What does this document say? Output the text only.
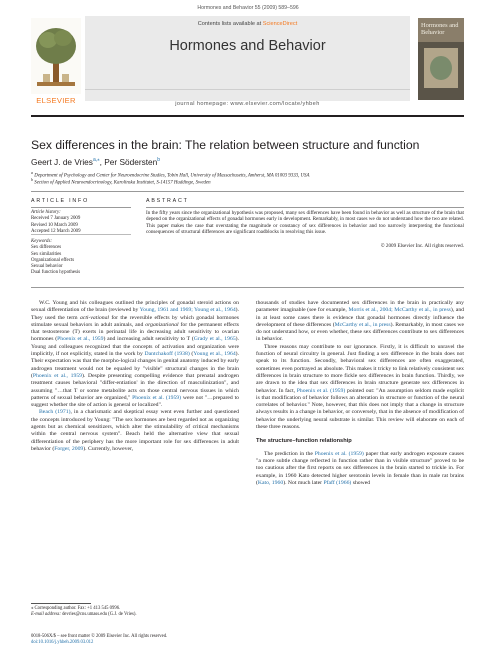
Hormones and Behavior 55 (2009) 589–596
ELSEVIER
Contents lists available at ScienceDirect
Hormones and Behavior
journal homepage: www.elsevier.com/locate/yhbeh
Hormones and Behavior
Sex differences in the brain: The relation between structure and function
Geert J. de Vries$^{a,⁎}$, Per Södersten$^b$
$^a$ Department of Psychology and Center for Neuroendocrine Studies, Tobin Hall, University of Massachusetts, Amherst, MA 01003 9333, USA
$^b$ Section of Applied Neuroendocrinology, Karolinska Institutet, S-14157 Huddinge, Sweden
ARTICLE INFO
Article history:
Received 7 January 2009
Revised 10 March 2009
Accepted 12 March 2009
Keywords:
Sex differences
Sex similarities
Organizational effects
Sexual behavior
Dual function hypothesis
ABSTRACT
In the fifty years since the organizational hypothesis was proposed, many sex differences have been found in behavior as well as structure of the brain that depend on the organizational effects of gonadal hormones early in development. Remarkably, in most cases we do not understand how the two are related. This paper makes the case that overstating the magnitude or constancy of sex differences in behavior and too narrowly interpreting the functional consequences of structural differences are significant roadblocks in resolving this issue.
© 2009 Elsevier Inc. All rights reserved.

W.C. Young and his colleagues outlined the principles of gonadal steroid actions on sexual differentiation of the brain (reviewed by Young, 1961 and 1969; Young et al., 1964). They used the term acti-vational for the reversible effects by which gonadal hormones stimulate sexual behaviors in adult animals, and organizational for the permanent effects that testosterone (T) exerts in perinatal life in decreasing adult sensitivity to ovarian hormones (Phoenix et al., 1959) and increasing adult sensitivity to T (Grady et al., 1965). Young and colleagues recognized that the concepts of activation and organization were implicitly, if not explicitly, stated in the work by Dantchakoff (1938) (Young et al., 1964). Their expectation was that the morpho-logical changes in genital anatomy induced by early androgen treatment would not be equaled by "visible" structural changes in the brain (Phoenix et al., 1959). Despite presenting compelling evidence that prenatal androgen treatment causes behavioral "differ-entiation' in the direction of masculinization", and assuming "…that T or some metabolite acts on those central nervous tissues in which patterns of sexual behavior are organized," Phoenix et al. (1959) were not "…prepared to suggest whether the site of action is general or localized".

Beach (1971), in a charismatic and skeptical essay went even further and questioned the concepts introduced by Young: "The sex hormones are best regarded not as organizing agents but as chemical sensitizers, which alter the stimulability of critical mechanisms within the central nervous system". Beach held the alternative view that sexual differentiation of the periphery has the more important role for sex differences in adult behavior (Forger, 2009). Currently, however,

thousands of studies have documented sex differences in the brain in practically any parameter imaginable (see for example, Morris et al., 2004; McCarthy et al., in press), and in at least some cases there is evidence that gonadal hormones directly influence the development of these differences (McCarthy et al., in press). Remarkably, in most cases we do not understand how, or even whether, these sex differences contribute to sex differences in behavior.

Three reasons may contribute to our ignorance. Firstly, it is difficult to unravel the function of neural circuitry in general. Just finding a sex difference in the brain does not speak to its function. Secondly, behavioral sex differences are often exaggerated, sometimes even portrayed as absolute. This makes it tricky to link relatively consistent sex differences in brain structure to more fickle sex differences in brain function. Thirdly, we are drawn to the idea that sex differences in brain structure generate sex differences in behavior. In fact, Phoenix et al. (1959) pointed out: "An assumption seldom made explicit is that modification of behavior follows an alteration in structure or function of the neural correlates of behavior." Note, however, that this does not imply that a change in structure always results in a change in behavior, or conversely, that in the absence of modification of behavior the underlying neural substrate is similar. This review will elaborate on each of these three reasons.

The structure–function relationship

The prediction in the Phoenix et al. (1959) paper that early androgen exposure causes "a more subtle change reflected in function rather than in visible structure" proved to be too cautious after the first reports on sex differences in the brain started to trickle in. For example, in 1960 Kato detected higher serotonin levels in female than in male rat brains (Kato, 1960). Not much later Pfaff (1966) showed

⁎ Corresponding author. Fax: +1 413 545 0996.
E-mail address: devries@cns.umass.edu (G.J. de Vries).
0018-506X/$ – see front matter © 2009 Elsevier Inc. All rights reserved.
doi:10.1016/j.yhbeh.2009.03.012
